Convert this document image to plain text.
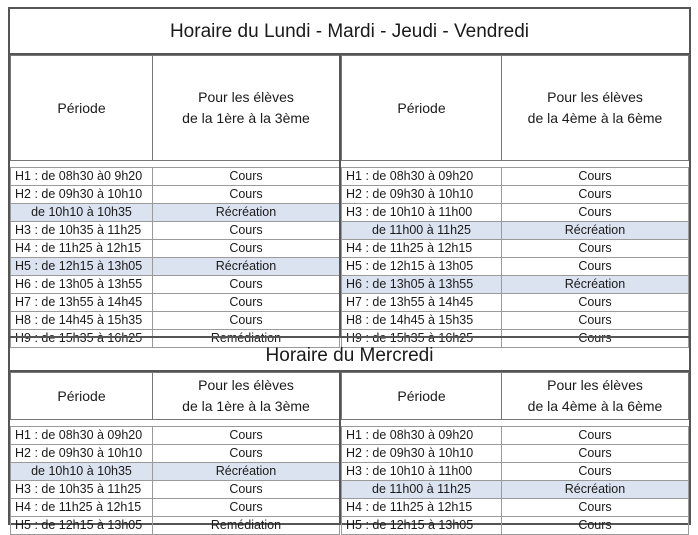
Horaire du Lundi - Mardi - Jeudi - Vendredi
Période	Pour les élèves
de la 1ère à la 3ème

H1 : de 08h30 à0 9h20	Cours
H2 : de 09h30 à 10h10	Cours
de 10h10 à 10h35	Récréation
H3 : de 10h35 à 11h25	Cours
H4 : de 11h25 à 12h15	Cours
H5 : de 12h15 à 13h05	Récréation
H6 : de 13h05 à 13h55	Cours
H7 : de 13h55 à 14h45	Cours
H8 : de 14h45 à 15h35	Cours
H9 : de 15h35 à 16h25	Remédiation
Période	Pour les élèves
de la 4ème à la 6ème

H1 : de 08h30 à 09h20	Cours
H2 : de 09h30 à 10h10	Cours
H3 : de 10h10 à 11h00	Cours
de 11h00 à 11h25	Récréation
H4 : de 11h25 à 12h15	Cours
H5 : de 12h15 à 13h05	Cours
H6 : de 13h05 à 13h55	Récréation
H7 : de 13h55 à 14h45	Cours
H8 : de 14h45 à 15h35	Cours
H9 : de 15h35 à 16h25	Cours
Horaire du Mercredi
Période	Pour les élèves
de la 1ère à la 3ème

H1 : de 08h30 à 09h20	Cours
H2 : de 09h30 à 10h10	Cours
de 10h10 à 10h35	Récréation
H3 : de 10h35 à 11h25	Cours
H4 : de 11h25 à 12h15	Cours
H5 : de 12h15 à 13h05	Remédiation
Période	Pour les élèves
de la 4ème à la 6ème

H1 : de 08h30 à 09h20	Cours
H2 : de 09h30 à 10h10	Cours
H3 : de 10h10 à 11h00	Cours
de 11h00 à 11h25	Récréation
H4 : de 11h25 à 12h15	Cours
H5 : de 12h15 à 13h05	Cours
